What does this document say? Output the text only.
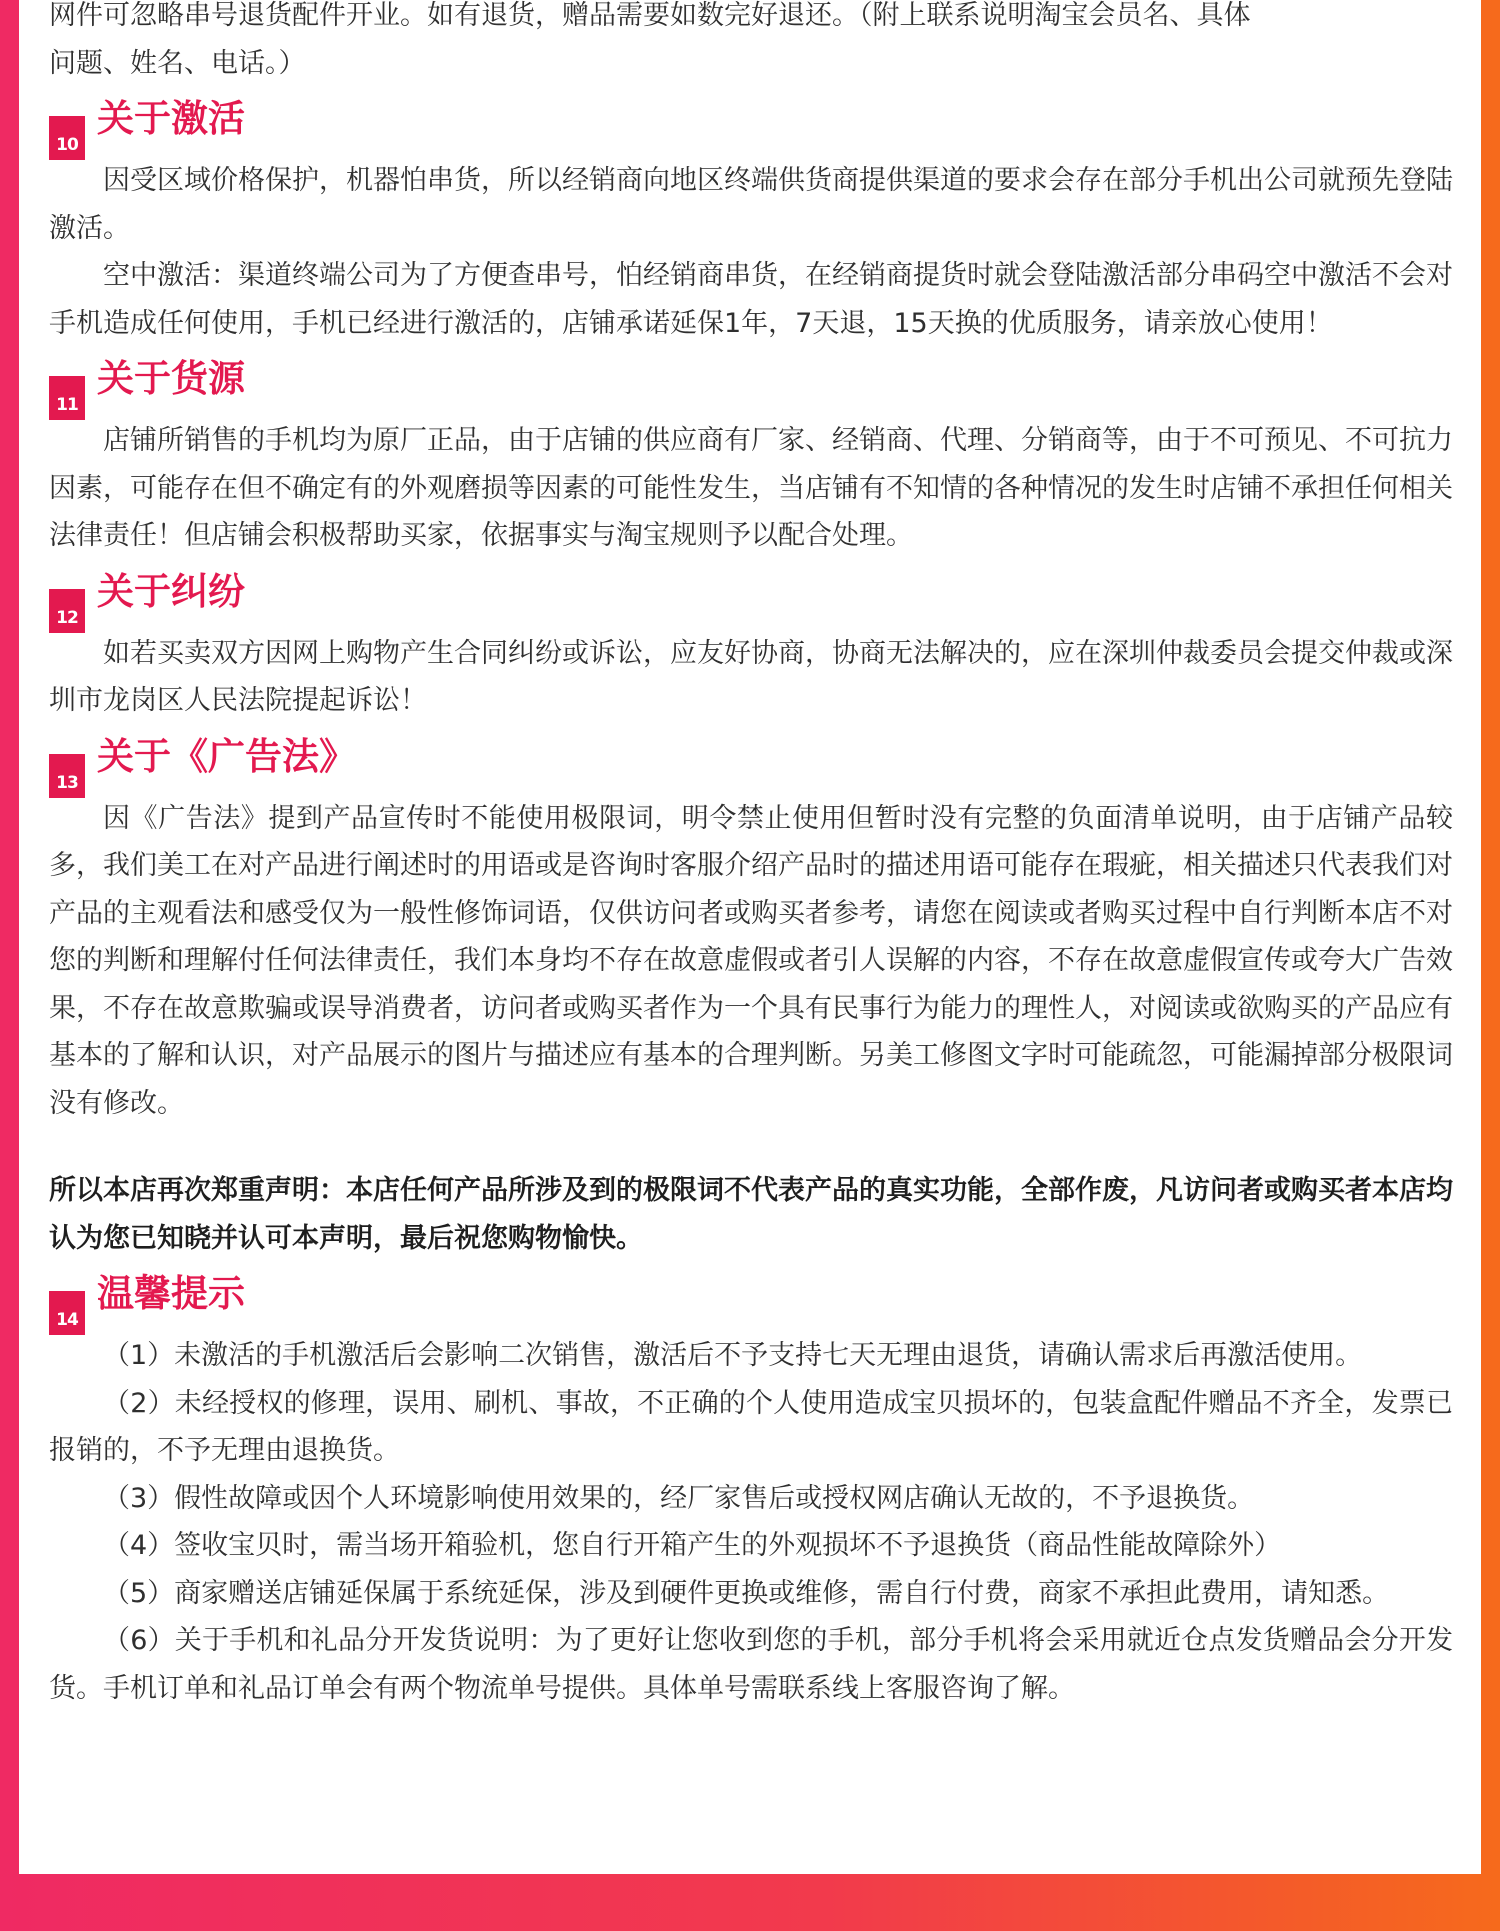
网件可忽略串号退货配件开业。如有退货，赠品需要如数完好退还。（附上联系说明淘宝会员名、具体
问题、姓名、电话。）

10
关于激活

因受区域价格保护，机器怕串货，所以经销商向地区终端供货商提供渠道的要求会存在部分手机出公司就预先登陆激活。

空中激活：渠道终端公司为了方便查串号，怕经销商串货，在经销商提货时就会登陆激活部分串码空中激活不会对手机造成任何使用，手机已经进行激活的，店铺承诺延保1年，7天退，15天换的优质服务，请亲放心使用！

11
关于货源

店铺所销售的手机均为原厂正品，由于店铺的供应商有厂家、经销商、代理、分销商等，由于不可预见、不可抗力因素，可能存在但不确定有的外观磨损等因素的可能性发生，当店铺有不知情的各种情况的发生时店铺不承担任何相关法律责任！但店铺会积极帮助买家，依据事实与淘宝规则予以配合处理。

12
关于纠纷

如若买卖双方因网上购物产生合同纠纷或诉讼，应友好协商，协商无法解决的，应在深圳仲裁委员会提交仲裁或深圳市龙岗区人民法院提起诉讼！

13
关于《广告法》

因《广告法》提到产品宣传时不能使用极限词，明令禁止使用但暂时没有完整的负面清单说明，由于店铺产品较多，我们美工在对产品进行阐述时的用语或是咨询时客服介绍产品时的描述用语可能存在瑕疵，相关描述只代表我们对产品的主观看法和感受仅为一般性修饰词语，仅供访问者或购买者参考，请您在阅读或者购买过程中自行判断本店不对您的判断和理解付任何法律责任，我们本身均不存在故意虚假或者引人误解的内容，不存在故意虚假宣传或夸大广告效果，不存在故意欺骗或误导消费者，访问者或购买者作为一个具有民事行为能力的理性人，对阅读或欲购买的产品应有基本的了解和认识，对产品展示的图片与描述应有基本的合理判断。另美工修图文字时可能疏忽，可能漏掉部分极限词没有修改。

所以本店再次郑重声明：本店任何产品所涉及到的极限词不代表产品的真实功能，全部作废，凡访问者或购买者本店均认为您已知晓并认可本声明，最后祝您购物愉快。

14
温馨提示

（1）未激活的手机激活后会影响二次销售，激活后不予支持七天无理由退货，请确认需求后再激活使用。

（2）未经授权的修理，误用、刷机、事故，不正确的个人使用造成宝贝损坏的，包装盒配件赠品不齐全，发票已报销的，不予无理由退换货。

（3）假性故障或因个人环境影响使用效果的，经厂家售后或授权网店确认无故的，不予退换货。

（4）签收宝贝时，需当场开箱验机，您自行开箱产生的外观损坏不予退换货（商品性能故障除外）

（5）商家赠送店铺延保属于系统延保，涉及到硬件更换或维修，需自行付费，商家不承担此费用，请知悉。

（6）关于手机和礼品分开发货说明：为了更好让您收到您的手机，部分手机将会采用就近仓点发货赠品会分开发货。手机订单和礼品订单会有两个物流单号提供。具体单号需联系线上客服咨询了解。
